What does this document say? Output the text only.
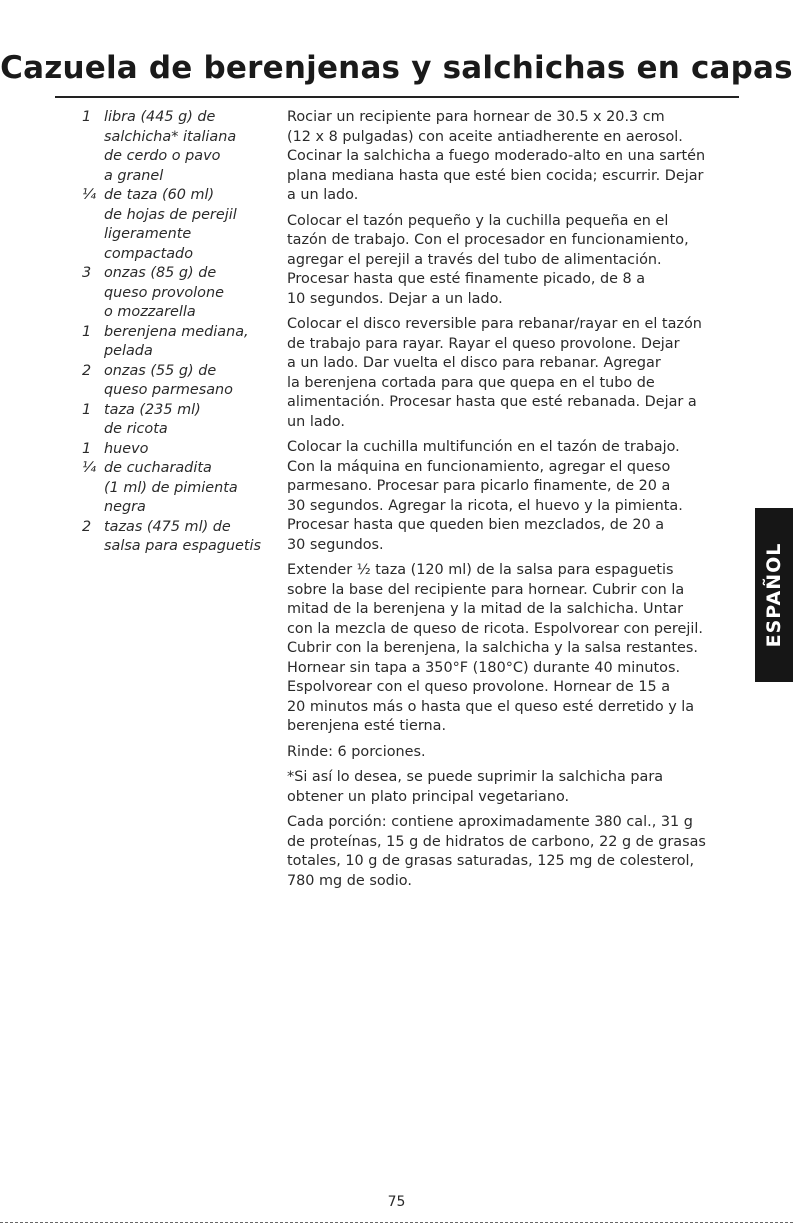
Cazuela de berenjenas y salchichas en capas
1 libra (445 g) de
salchicha* italiana
de cerdo o pavo
a granel
¼ de taza (60 ml)
de hojas de perejil
ligeramente
compactado
3 onzas (85 g) de
queso provolone
o mozzarella
1 berenjena mediana,
pelada
2 onzas (55 g) de
queso parmesano
1 taza (235 ml)
de ricota
1 huevo
¼ de cucharadita
(1 ml) de pimienta
negra
2 tazas (475 ml) de
salsa para espaguetis

Rociar un recipiente para hornear de 30.5 x 20.3 cm
(12 x 8 pulgadas) con aceite antiadherente en aerosol.
Cocinar la salchicha a fuego moderado-alto en una sartén
plana mediana hasta que esté bien cocida; escurrir. Dejar
a un lado.

Colocar el tazón pequeño y la cuchilla pequeña en el
tazón de trabajo. Con el procesador en funcionamiento,
agregar el perejil a través del tubo de alimentación.
Procesar hasta que esté finamente picado, de 8 a
10 segundos. Dejar a un lado.

Colocar el disco reversible para rebanar/rayar en el tazón
de trabajo para rayar. Rayar el queso provolone. Dejar
a un lado. Dar vuelta el disco para rebanar. Agregar
la berenjena cortada para que quepa en el tubo de
alimentación. Procesar hasta que esté rebanada. Dejar a
un lado.

Colocar la cuchilla multifunción en el tazón de trabajo.
Con la máquina en funcionamiento, agregar el queso
parmesano. Procesar para picarlo finamente, de 20 a
30 segundos. Agregar la ricota, el huevo y la pimienta.
Procesar hasta que queden bien mezclados, de 20 a
30 segundos.

Extender ½ taza (120 ml) de la salsa para espaguetis
sobre la base del recipiente para hornear. Cubrir con la
mitad de la berenjena y la mitad de la salchicha. Untar
con la mezcla de queso de ricota. Espolvorear con perejil.
Cubrir con la berenjena, la salchicha y la salsa restantes.
Hornear sin tapa a 350°F (180°C) durante 40 minutos.
Espolvorear con el queso provolone. Hornear de 15 a
20 minutos más o hasta que el queso esté derretido y la
berenjena esté tierna.

Rinde: 6 porciones.

*Si así lo desea, se puede suprimir la salchicha para
obtener un plato principal vegetariano.

Cada porción: contiene aproximadamente 380 cal., 31 g
de proteínas, 15 g de hidratos de carbono, 22 g de grasas
totales, 10 g de grasas saturadas, 125 mg de colesterol,
780 mg de sodio.

ESPAÑOL
75
